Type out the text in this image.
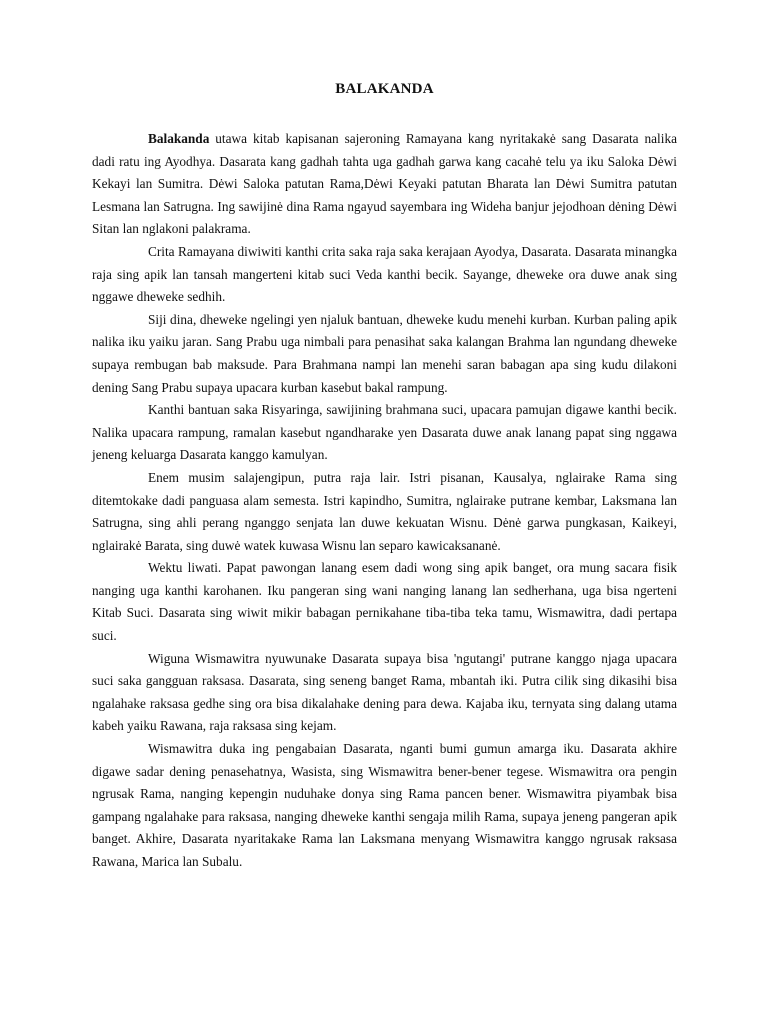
BALAKANDA

Balakanda utawa kitab kapisanan sajeroning Ramayana kang nyritakakė sang Dasarata nalika dadi ratu ing Ayodhya. Dasarata kang gadhah tahta uga gadhah garwa kang cacahė telu ya iku Saloka Dėwi Kekayi lan Sumitra. Dėwi Saloka patutan Rama,Dėwi Keyaki patutan Bharata lan Dėwi Sumitra patutan Lesmana lan Satrugna. Ing sawijinė dina Rama ngayud sayembara ing Wideha banjur jejodhoan dėning Dėwi Sitan lan nglakoni palakrama.

Crita Ramayana diwiwiti kanthi crita saka raja saka kerajaan Ayodya, Dasarata. Dasarata minangka raja sing apik lan tansah mangerteni kitab suci Veda kanthi becik. Sayange, dheweke ora duwe anak sing nggawe dheweke sedhih.

Siji dina, dheweke ngelingi yen njaluk bantuan, dheweke kudu menehi kurban. Kurban paling apik nalika iku yaiku jaran. Sang Prabu uga nimbali para penasihat saka kalangan Brahma lan ngundang dheweke supaya rembugan bab maksude. Para Brahmana nampi lan menehi saran babagan apa sing kudu dilakoni dening Sang Prabu supaya upacara kurban kasebut bakal rampung.

Kanthi bantuan saka Risyaringa, sawijining brahmana suci, upacara pamujan digawe kanthi becik. Nalika upacara rampung, ramalan kasebut ngandharake yen Dasarata duwe anak lanang papat sing nggawa jeneng keluarga Dasarata kanggo kamulyan.

Enem musim salajengipun, putra raja lair. Istri pisanan, Kausalya, nglairake Rama sing ditemtokake dadi panguasa alam semesta. Istri kapindho, Sumitra, nglairake putrane kembar, Laksmana lan Satrugna, sing ahli perang nganggo senjata lan duwe kekuatan Wisnu. Dėnė garwa pungkasan, Kaikeyi, nglairakė Barata, sing duwė watek kuwasa Wisnu lan separo kawicaksananė.

Wektu liwati. Papat pawongan lanang esem dadi wong sing apik banget, ora mung sacara fisik nanging uga kanthi karohanen. Iku pangeran sing wani nanging lanang lan sedherhana, uga bisa ngerteni Kitab Suci. Dasarata sing wiwit mikir babagan pernikahane tiba-tiba teka tamu, Wismawitra, dadi pertapa suci.

Wiguna Wismawitra nyuwunake Dasarata supaya bisa 'ngutangi' putrane kanggo njaga upacara suci saka gangguan raksasa. Dasarata, sing seneng banget Rama, mbantah iki. Putra cilik sing dikasihi bisa ngalahake raksasa gedhe sing ora bisa dikalahake dening para dewa. Kajaba iku, ternyata sing dalang utama kabeh yaiku Rawana, raja raksasa sing kejam.

Wismawitra duka ing pengabaian Dasarata, nganti bumi gumun amarga iku. Dasarata akhire digawe sadar dening penasehatnya, Wasista, sing Wismawitra bener-bener tegese. Wismawitra ora pengin ngrusak Rama, nanging kepengin nuduhake donya sing Rama pancen bener. Wismawitra piyambak bisa gampang ngalahake para raksasa, nanging dheweke kanthi sengaja milih Rama, supaya jeneng pangeran apik banget. Akhire, Dasarata nyaritakake Rama lan Laksmana menyang Wismawitra kanggo ngrusak raksasa Rawana, Marica lan Subalu.
